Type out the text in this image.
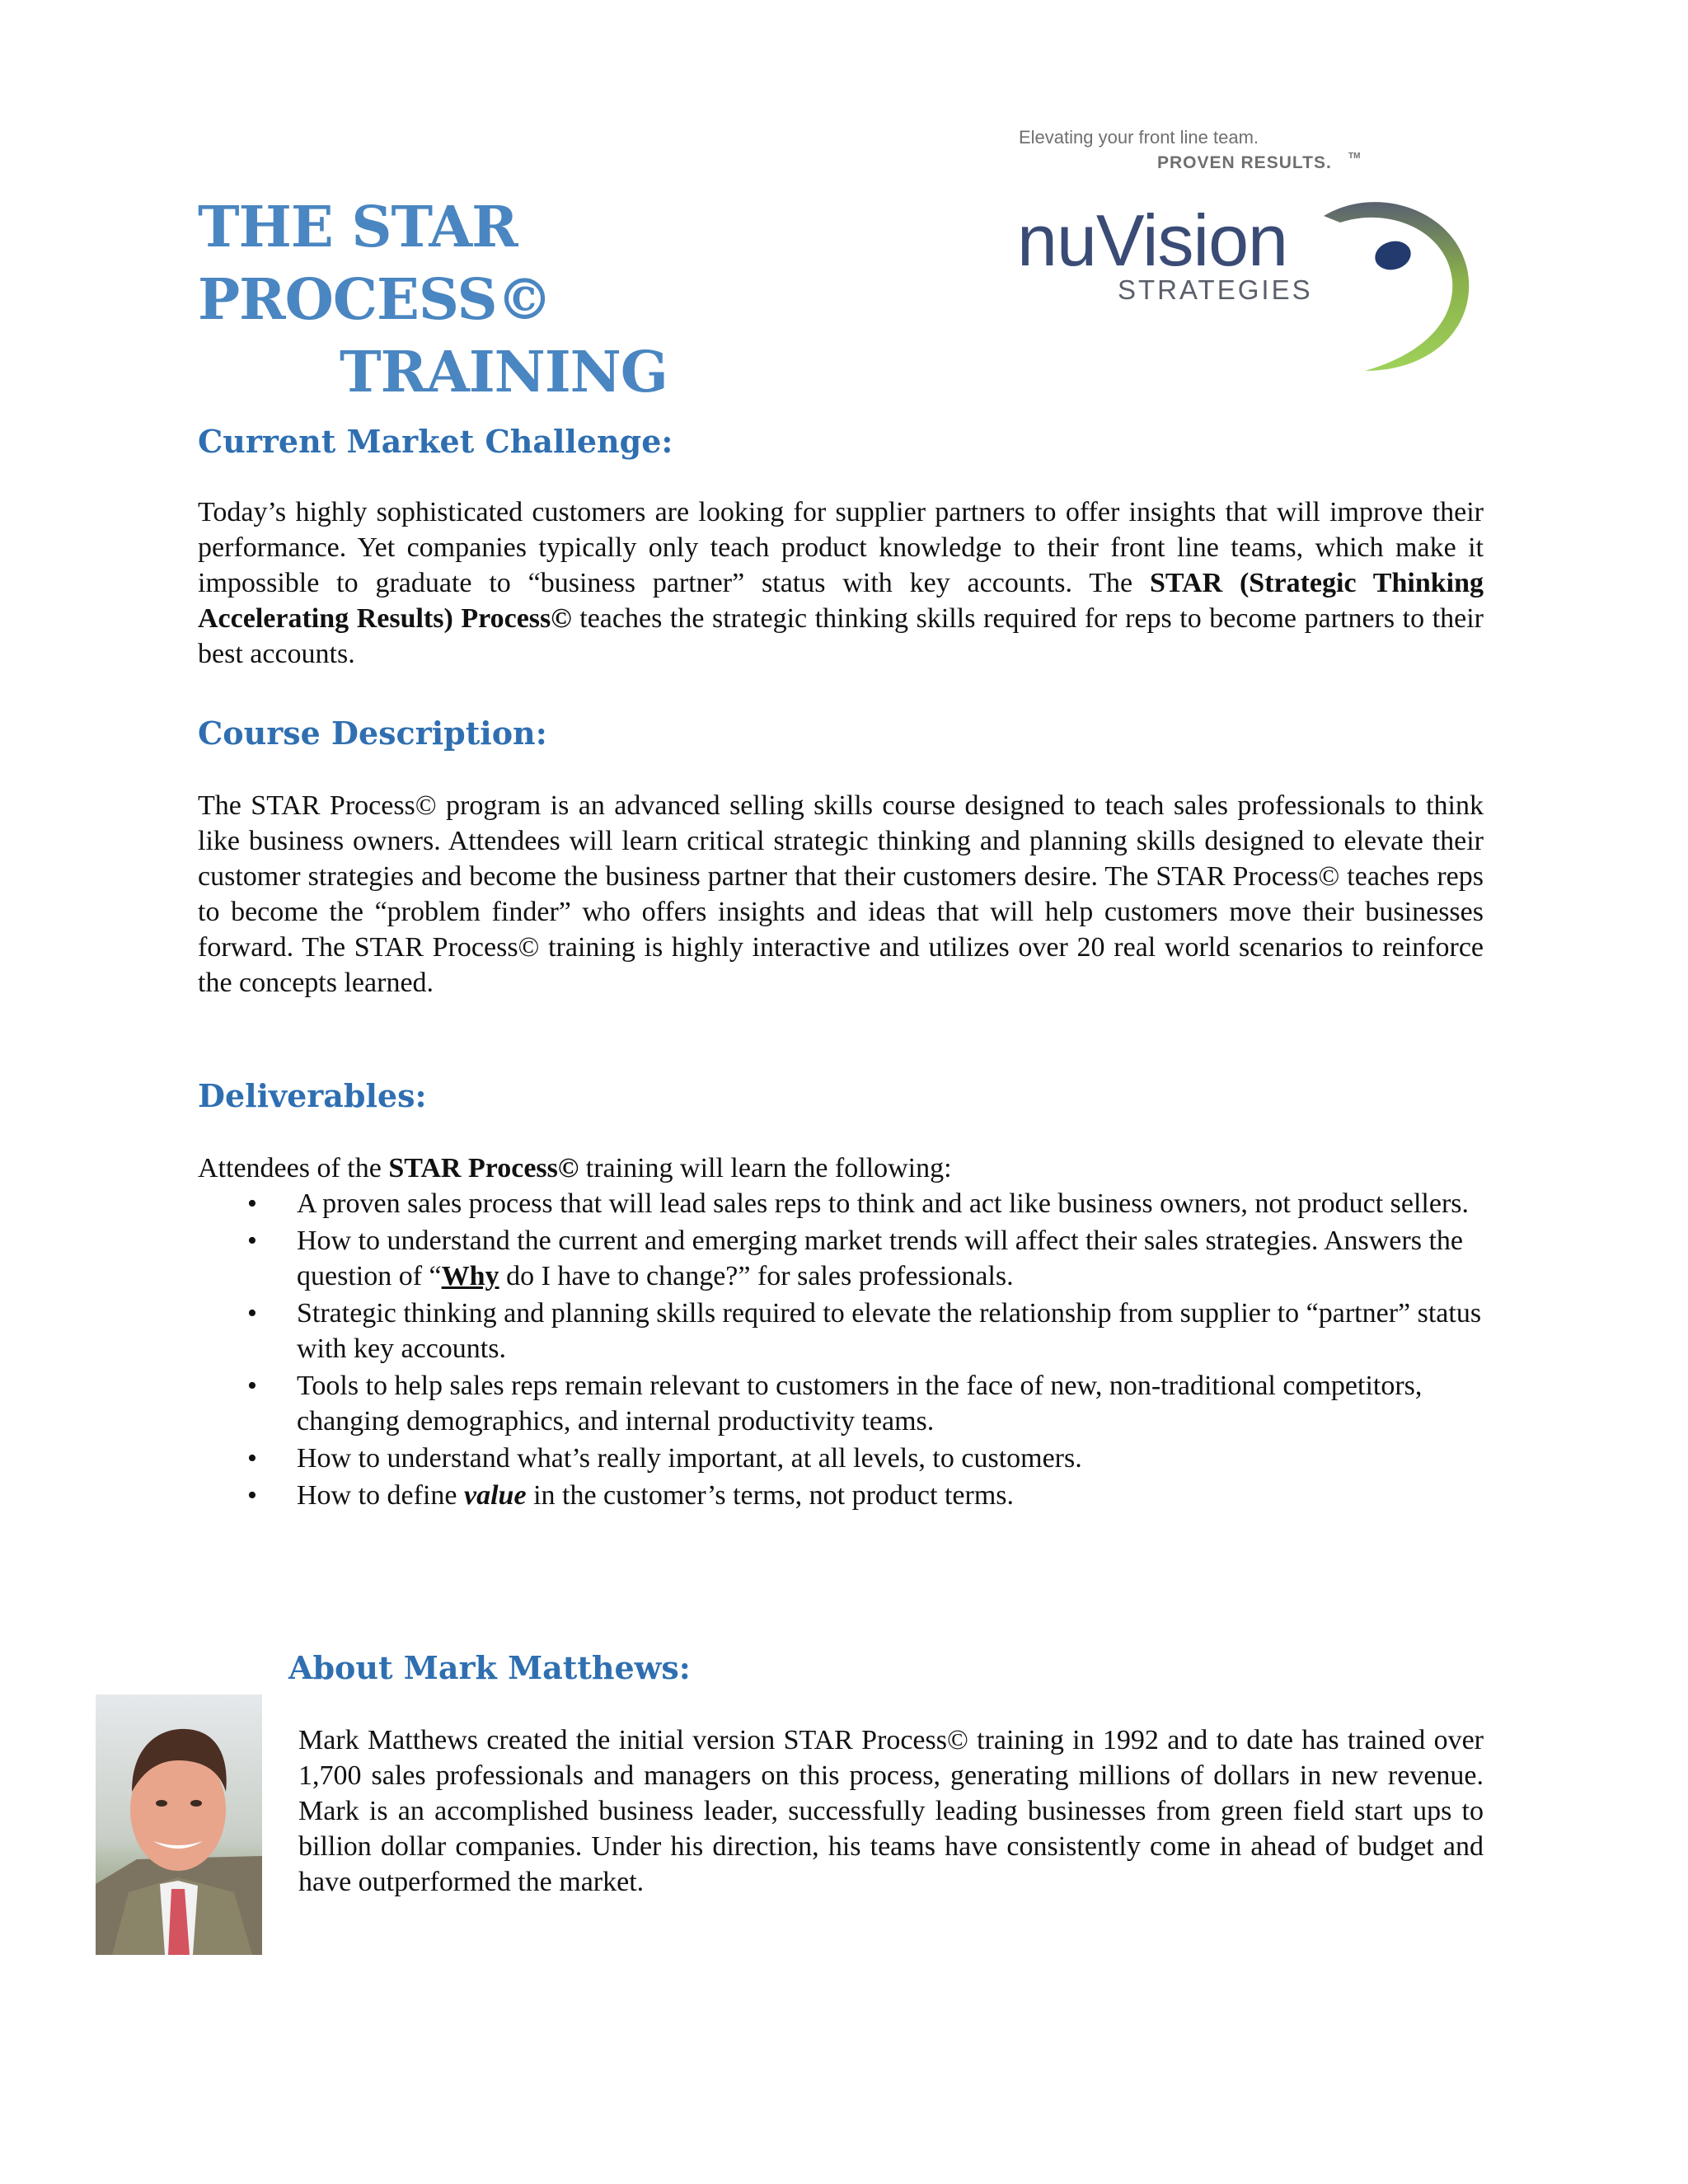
THE STAR PROCESS©
TRAINING
Elevating your front line team.
PROVEN RESULTS. TM
nuVision
STRATEGIES
Current Market Challenge:

Today’s highly sophisticated customers are looking for supplier partners to offer insights that will improve their performance. Yet companies typically only teach product knowledge to their front line teams, which make it impossible to graduate to “business partner” status with key accounts. The STAR (Strategic Thinking Accelerating Results) Process© teaches the strategic thinking skills required for reps to become partners to their best accounts.

Course Description:

The STAR Process© program is an advanced selling skills course designed to teach sales professionals to think like business owners. Attendees will learn critical strategic thinking and planning skills designed to elevate their customer strategies and become the business partner that their customers desire. The STAR Process© teaches reps to become the “problem finder” who offers insights and ideas that will help customers move their businesses forward. The STAR Process© training is highly interactive and utilizes over 20 real world scenarios to reinforce the concepts learned.

Deliverables:

Attendees of the STAR Process© training will learn the following:

• A proven sales process that will lead sales reps to think and act like business owners, not product sellers.
• How to understand the current and emerging market trends will affect their sales strategies. Answers the question of “Why do I have to change?” for sales professionals.
• Strategic thinking and planning skills required to elevate the relationship from supplier to “partner” status with key accounts.
• Tools to help sales reps remain relevant to customers in the face of new, non-traditional competitors, changing demographics, and internal productivity teams.
• How to understand what’s really important, at all levels, to customers.
• How to define value in the customer’s terms, not product terms.
About Mark Matthews:

Mark Matthews created the initial version STAR Process© training in 1992 and to date has trained over 1,700 sales professionals and managers on this process, generating millions of dollars in new revenue. Mark is an accomplished business leader, successfully leading businesses from green field start ups to billion dollar companies. Under his direction, his teams have consistently come in ahead of budget and have outperformed the market.
